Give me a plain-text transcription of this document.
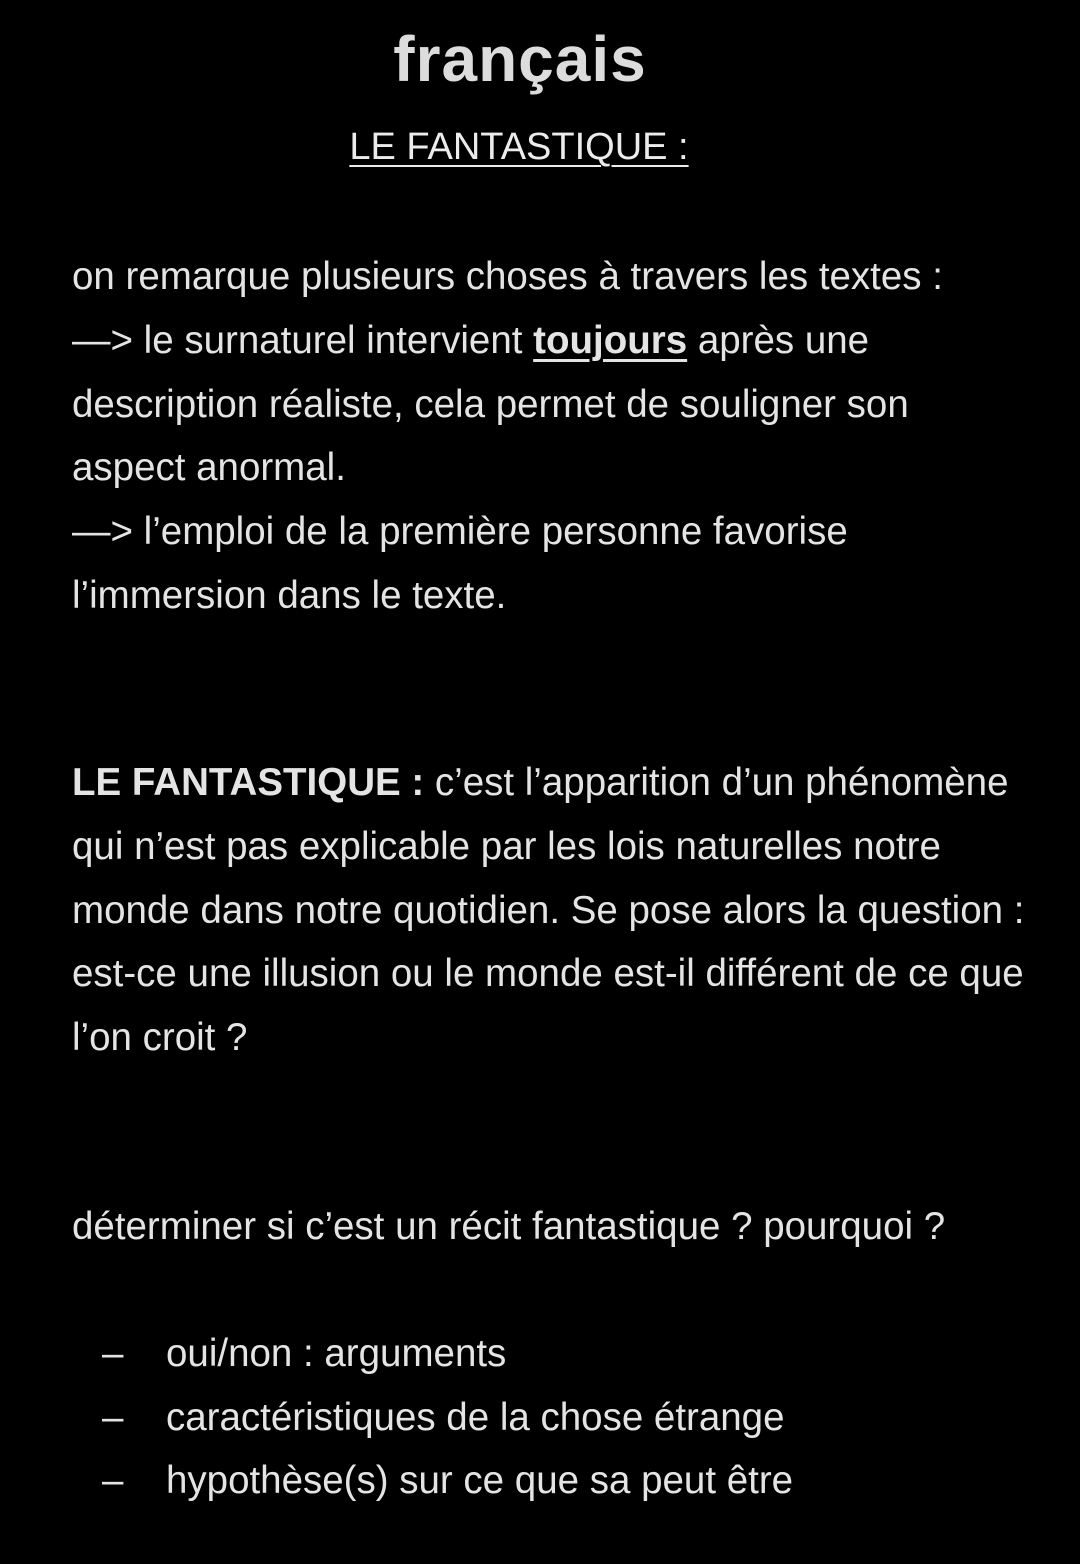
français
LE FANTASTIQUE :

on remarque plusieurs choses à travers les textes :

—> le surnaturel intervient toujours après une description réaliste, cela permet de souligner son aspect anormal.

—> l’emploi de la première personne favorise l’immersion dans le texte.

LE FANTASTIQUE : c’est l’apparition d’un phénomène qui n’est pas explicable par les lois naturelles notre monde dans notre quotidien. Se pose alors la question : est-ce une illusion ou le monde est-il différent de ce que l’on croit ?

déterminer si c’est un récit fantastique ? pourquoi ?

– oui/non : arguments
– caractéristiques de la chose étrange
– hypothèse(s) sur ce que sa peut être
